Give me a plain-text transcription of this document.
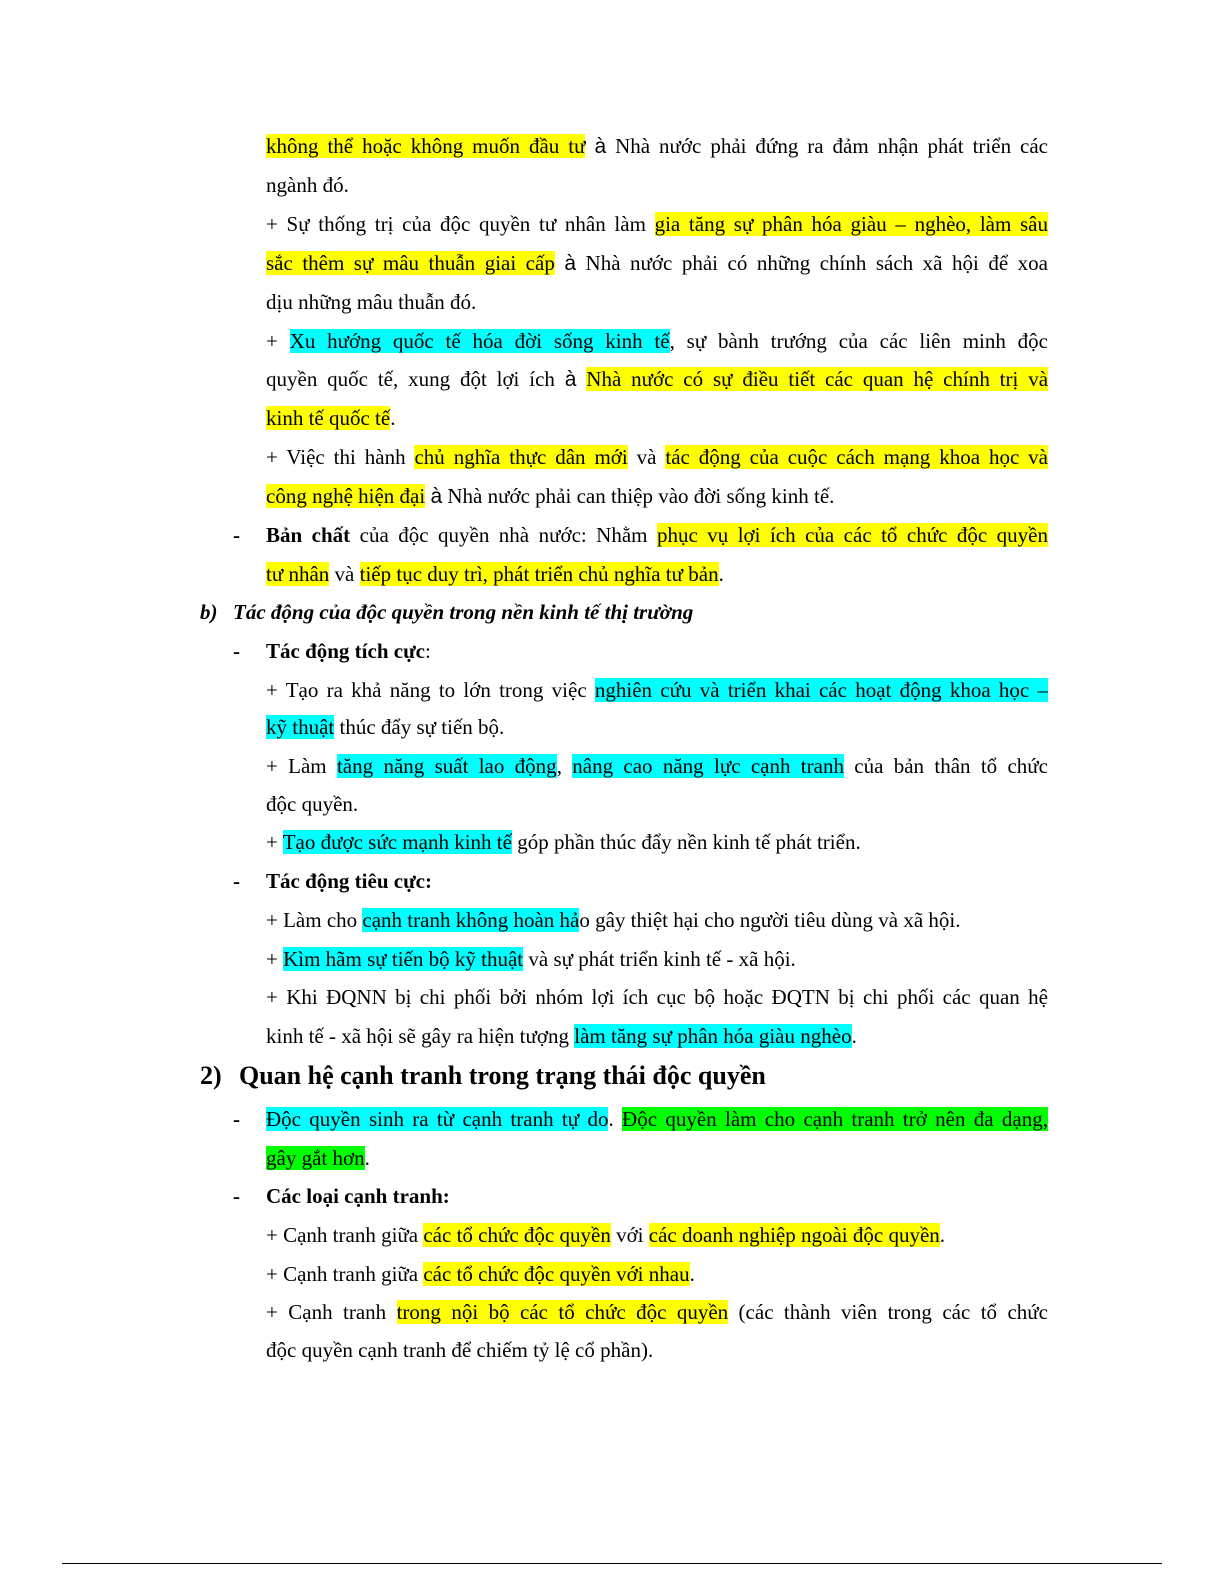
không thể hoặc không muốn đầu tư à Nhà nước phải đứng ra đảm nhận phát triển các
ngành đó.
+ Sự thống trị của độc quyền tư nhân làm gia tăng sự phân hóa giàu – nghèo, làm sâu
sắc thêm sự mâu thuẫn giai cấp à Nhà nước phải có những chính sách xã hội để xoa
dịu những mâu thuẫn đó.
+ Xu hướng quốc tế hóa đời sống kinh tế, sự bành trướng của các liên minh độc
quyền quốc tế, xung đột lợi ích à Nhà nước có sự điều tiết các quan hệ chính trị và
kinh tế quốc tế.
+ Việc thi hành chủ nghĩa thực dân mới và tác động của cuộc cách mạng khoa học và
công nghệ hiện đại à Nhà nước phải can thiệp vào đời sống kinh tế.
- Bản chất của độc quyền nhà nước: Nhằm phục vụ lợi ích của các tổ chức độc quyền
tư nhân và tiếp tục duy trì, phát triển chủ nghĩa tư bản.
b) Tác động của độc quyền trong nền kinh tế thị trường
- Tác động tích cực:
+ Tạo ra khả năng to lớn trong việc nghiên cứu và triển khai các hoạt động khoa học –
kỹ thuật thúc đẩy sự tiến bộ.
+ Làm tăng năng suất lao động, nâng cao năng lực cạnh tranh của bản thân tổ chức
độc quyền.
+ Tạo được sức mạnh kinh tế góp phần thúc đẩy nền kinh tế phát triển.
- Tác động tiêu cực:
+ Làm cho cạnh tranh không hoàn hảo gây thiệt hại cho người tiêu dùng và xã hội.
+ Kìm hãm sự tiến bộ kỹ thuật và sự phát triển kinh tế - xã hội.
+ Khi ĐQNN bị chi phối bởi nhóm lợi ích cục bộ hoặc ĐQTN bị chi phối các quan hệ
kinh tế - xã hội sẽ gây ra hiện tượng làm tăng sự phân hóa giàu nghèo.
2) Quan hệ cạnh tranh trong trạng thái độc quyền
- Độc quyền sinh ra từ cạnh tranh tự do. Độc quyền làm cho cạnh tranh trở nên đa dạng,
gây gắt hơn.
- Các loại cạnh tranh:
+ Cạnh tranh giữa các tổ chức độc quyền với các doanh nghiệp ngoài độc quyền.
+ Cạnh tranh giữa các tổ chức độc quyền với nhau.
+ Cạnh tranh trong nội bộ các tổ chức độc quyền (các thành viên trong các tổ chức
độc quyền cạnh tranh để chiếm tỷ lệ cổ phần).
